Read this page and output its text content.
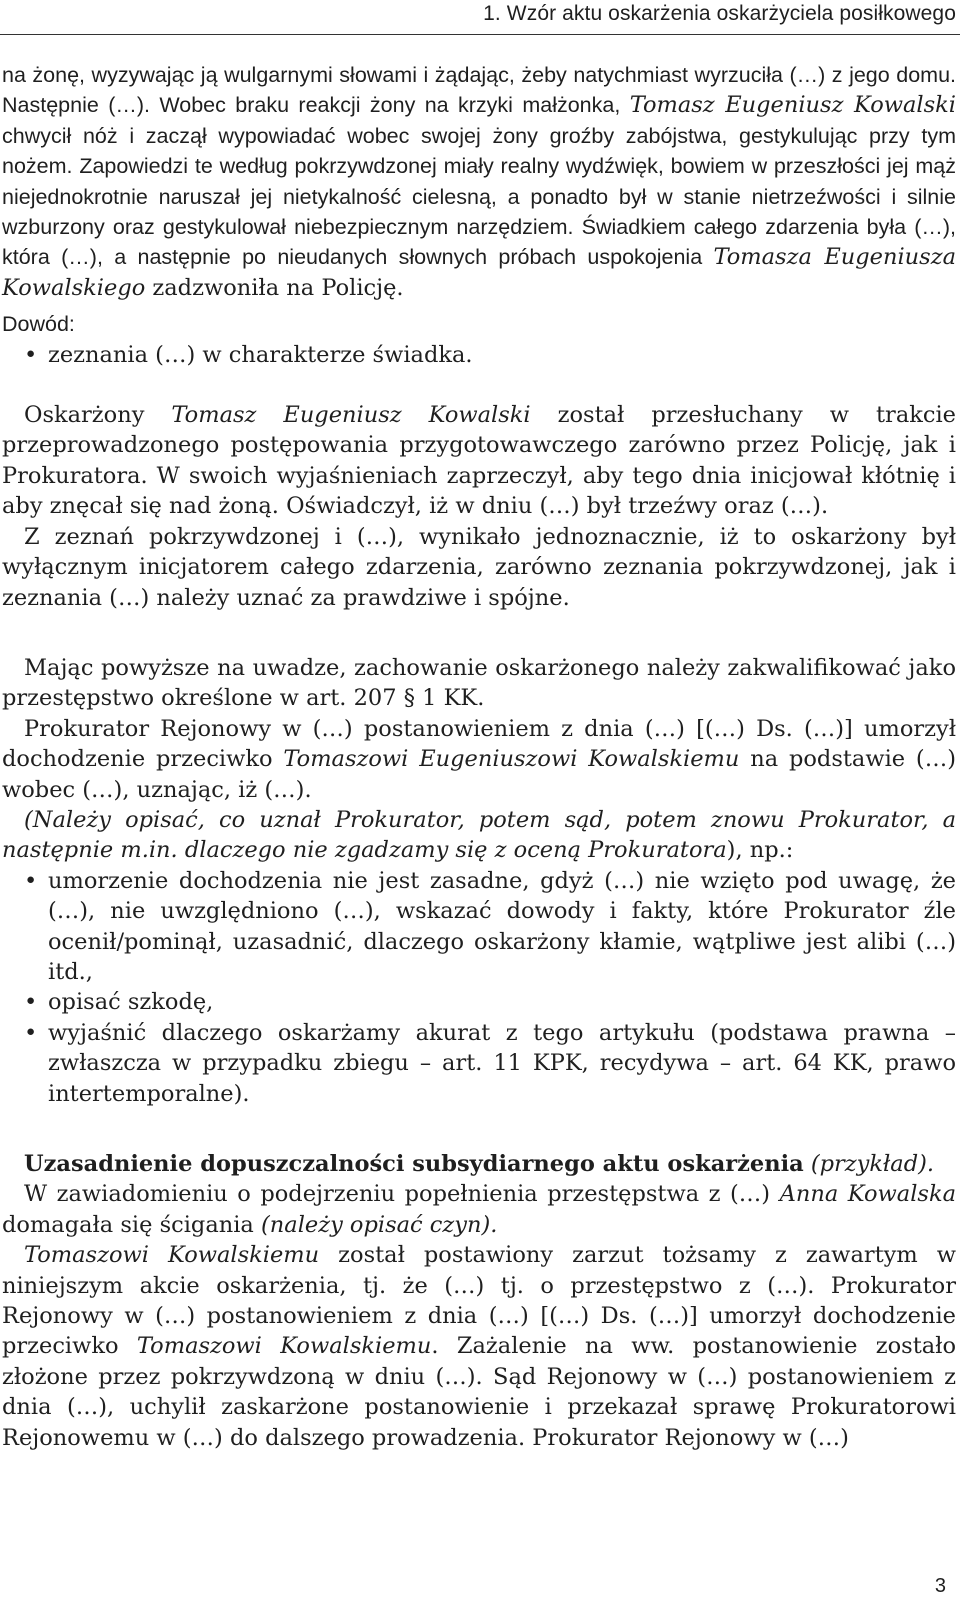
1. Wzór aktu oskarżenia oskarżyciela posiłkowego

na żonę, wyzywając ją wulgarnymi słowami i żądając, żeby natychmiast wyrzuciła (…) z jego domu. Następnie (…). Wobec braku reakcji żony na krzyki małżonka, Tomasz Eugeniusz Kowalski chwycił nóż i zaczął wypowiadać wobec swojej żony groźby zabójstwa, gestykulując przy tym nożem. Zapowiedzi te według pokrzywdzonej miały realny wydźwięk, bowiem w przeszłości jej mąż niejednokrotnie naruszał jej nietykalność cielesną, a ponadto był w stanie nietrzeźwości i silnie wzburzony oraz gestykulował niebezpiecznym narzędziem. Świadkiem całego zdarzenia była (…), która (…), a następnie po nieudanych słownych próbach uspokojenia Tomasza Eugeniusza Kowalskiego zadzwoniła na Policję.

Dowód:

• zeznania (…) w charakterze świadka.

Oskarżony Tomasz Eugeniusz Kowalski został przesłuchany w trakcie przeprowadzonego postępowania przygotowawczego zarówno przez Policję, jak i Prokuratora. W swoich wyjaśnieniach zaprzeczył, aby tego dnia inicjował kłótnię i aby znęcał się nad żoną. Oświadczył, iż w dniu (…) był trzeźwy oraz (…).

Z zeznań pokrzywdzonej i (…), wynikało jednoznacznie, iż to oskarżony był wyłącznym inicjatorem całego zdarzenia, zarówno zeznania pokrzywdzonej, jak i zeznania (…) należy uznać za prawdziwe i spójne.

Mając powyższe na uwadze, zachowanie oskarżonego należy zakwalifikować jako przestępstwo określone w art. 207 § 1 KK.

Prokurator Rejonowy w (…) postanowieniem z dnia (…) [(…) Ds. (…)] umorzył dochodzenie przeciwko Tomaszowi Eugeniuszowi Kowalskiemu na podstawie (…) wobec (…), uznając, iż (…).

(Należy opisać, co uznał Prokurator, potem sąd, potem znowu Prokurator, a następnie m.in. dlaczego nie zgadzamy się z oceną Prokuratora), np.:

• umorzenie dochodzenia nie jest zasadne, gdyż (…) nie wzięto pod uwagę, że (…), nie uwzględniono (…), wskazać dowody i fakty, które Prokurator źle ocenił/pominął, uzasadnić, dlaczego oskarżony kłamie, wątpliwe jest alibi (…) itd.,
• opisać szkodę,
• wyjaśnić dlaczego oskarżamy akurat z tego artykułu (podstawa prawna – zwłaszcza w przypadku zbiegu – art. 11 KPK, recydywa – art. 64 KK, prawo intertemporalne).

Uzasadnienie dopuszczalności subsydiarnego aktu oskarżenia (przykład).

W zawiadomieniu o podejrzeniu popełnienia przestępstwa z (…) Anna Kowalska domagała się ścigania (należy opisać czyn).

Tomaszowi Kowalskiemu został postawiony zarzut tożsamy z zawartym w niniejszym akcie oskarżenia, tj. że (…) tj. o przestępstwo z (…). Prokurator Rejonowy w (…) postanowieniem z dnia (…) [(…) Ds. (…)] umorzył dochodzenie przeciwko Tomaszowi Kowalskiemu. Zażalenie na ww. postanowienie zostało złożone przez pokrzywdzoną w dniu (…). Sąd Rejonowy w (…) postanowieniem z dnia (…), uchylił zaskarżone postanowienie i przekazał sprawę Prokuratorowi Rejonowemu w (…) do dalszego prowadzenia. Prokurator Rejonowy w (…)

3
